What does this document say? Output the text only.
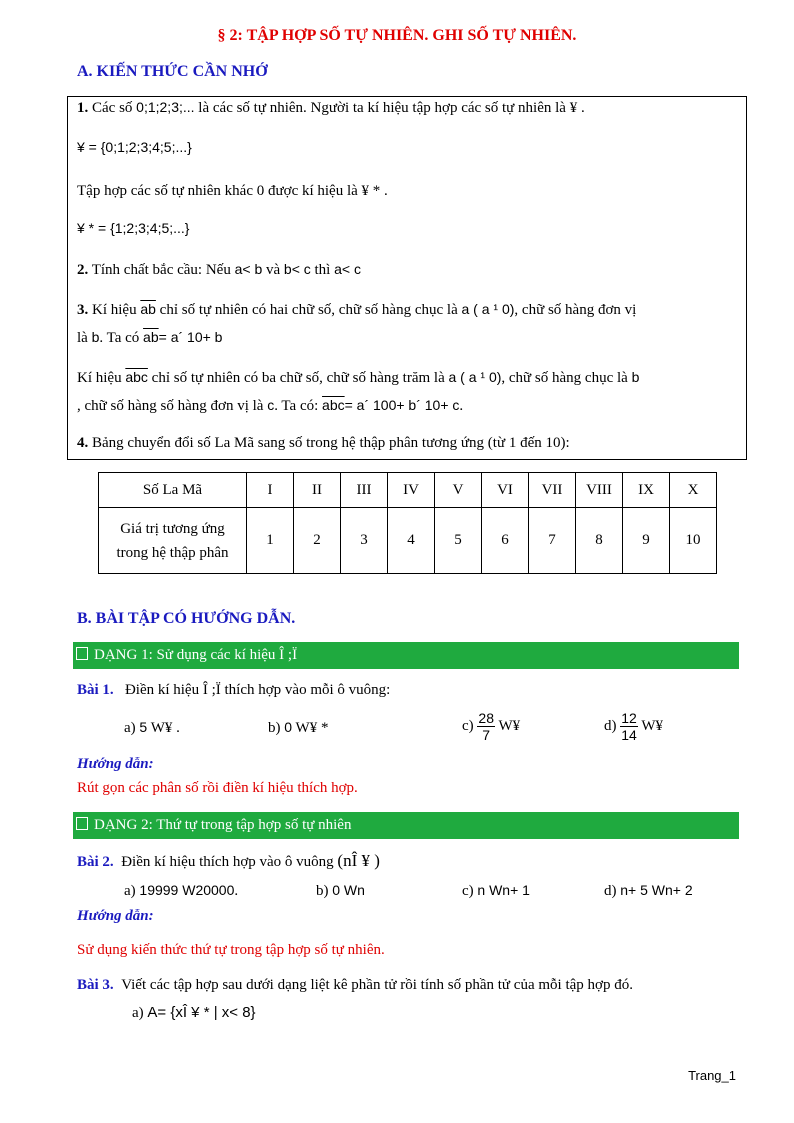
§ 2: TẬP HỢP SỐ TỰ NHIÊN. GHI SỐ TỰ NHIÊN.
A. KIẾN THỨC CẦN NHỚ
1. Các số 0;1;2;3;... là các số tự nhiên. Người ta kí hiệu tập hợp các số tự nhiên là ¥ .
¥ = {0;1;2;3;4;5;...}
Tập hợp các số tự nhiên khác 0 được kí hiệu là ¥ * .
¥ * = {1;2;3;4;5;...}
2. Tính chất bắc cầu: Nếu a< b và b< c thì a< c
3. Kí hiệu $\overline{ab}$ chỉ số tự nhiên có hai chữ số, chữ số hàng chục là a ( a ¹ 0), chữ số hàng đơn vị
là b. Ta có $\overline{ab}=$ a´ 10+ b
Kí hiệu $\overline{abc}$ chỉ số tự nhiên có ba chữ số, chữ số hàng trăm là a ( a ¹ 0), chữ số hàng chục là b
, chữ số hàng số hàng đơn vị là c. Ta có: $\overline{abc}=$ a´ 100+ b´ 10+ c.
4. Bảng chuyển đổi số La Mã sang số trong hệ thập phân tương ứng (từ 1 đến 10):
Số La Mã	I	II	III	IV	V	VI	VII	VIII	IX	X
Giá trị tương ứng
trong hệ thập phân	1	2	3	4	5	6	7	8	9	10
B. BÀI TẬP CÓ HƯỚNG DẪN.
DẠNG 1: Sử dụng các kí hiệu Î ;Ï
Bài 1. Điền kí hiệu Î ;Ï thích hợp vào mỗi ô vuông:
a) 5 W¥ .	b) 0 W¥ *	$c) \frac{28}{7}$ W¥	$d) \frac{12}{14}$ W¥
Hướng dẫn:
Rút gọn các phân số rồi điền kí hiệu thích hợp.
DẠNG 2: Thứ tự trong tập hợp số tự nhiên
Bài 2. Điền kí hiệu thích hợp vào ô vuông (nÎ ¥ )
a) 19999 W20000.	b) 0 Wn	c) n Wn+ 1	d) n+ 5 Wn+ 2
Hướng dẫn:
Sử dụng kiến thức thứ tự trong tập hợp số tự nhiên.
Bài 3. Viết các tập hợp sau dưới dạng liệt kê phần tử rồi tính số phần tử của mỗi tập hợp đó.
a) A= {xÎ ¥ * | x< 8}
Trang_1
